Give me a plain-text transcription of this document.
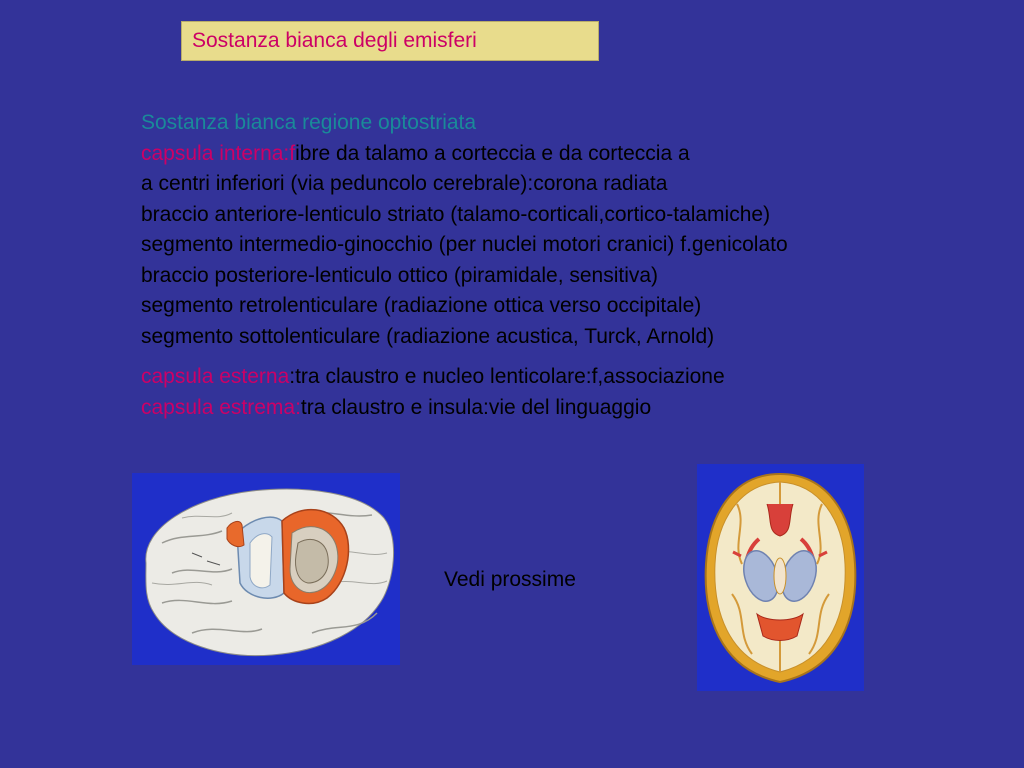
Sostanza bianca degli emisferi
Sostanza bianca regione optostriata
capsula interna:fibre da talamo a corteccia e da corteccia a
a centri inferiori (via peduncolo cerebrale):corona radiata
braccio anteriore-lenticulo striato (talamo-corticali,cortico-talamiche)
segmento intermedio-ginocchio (per nuclei motori cranici) f.genicolato
braccio posteriore-lenticulo ottico (piramidale, sensitiva)
segmento retrolenticulare (radiazione ottica verso occipitale)
segmento sottolenticulare (radiazione acustica, Turck, Arnold)
capsula esterna:tra claustro e nucleo lenticolare:f,associazione
capsula estrema:tra claustro e insula:vie del linguaggio
Vedi prossime
